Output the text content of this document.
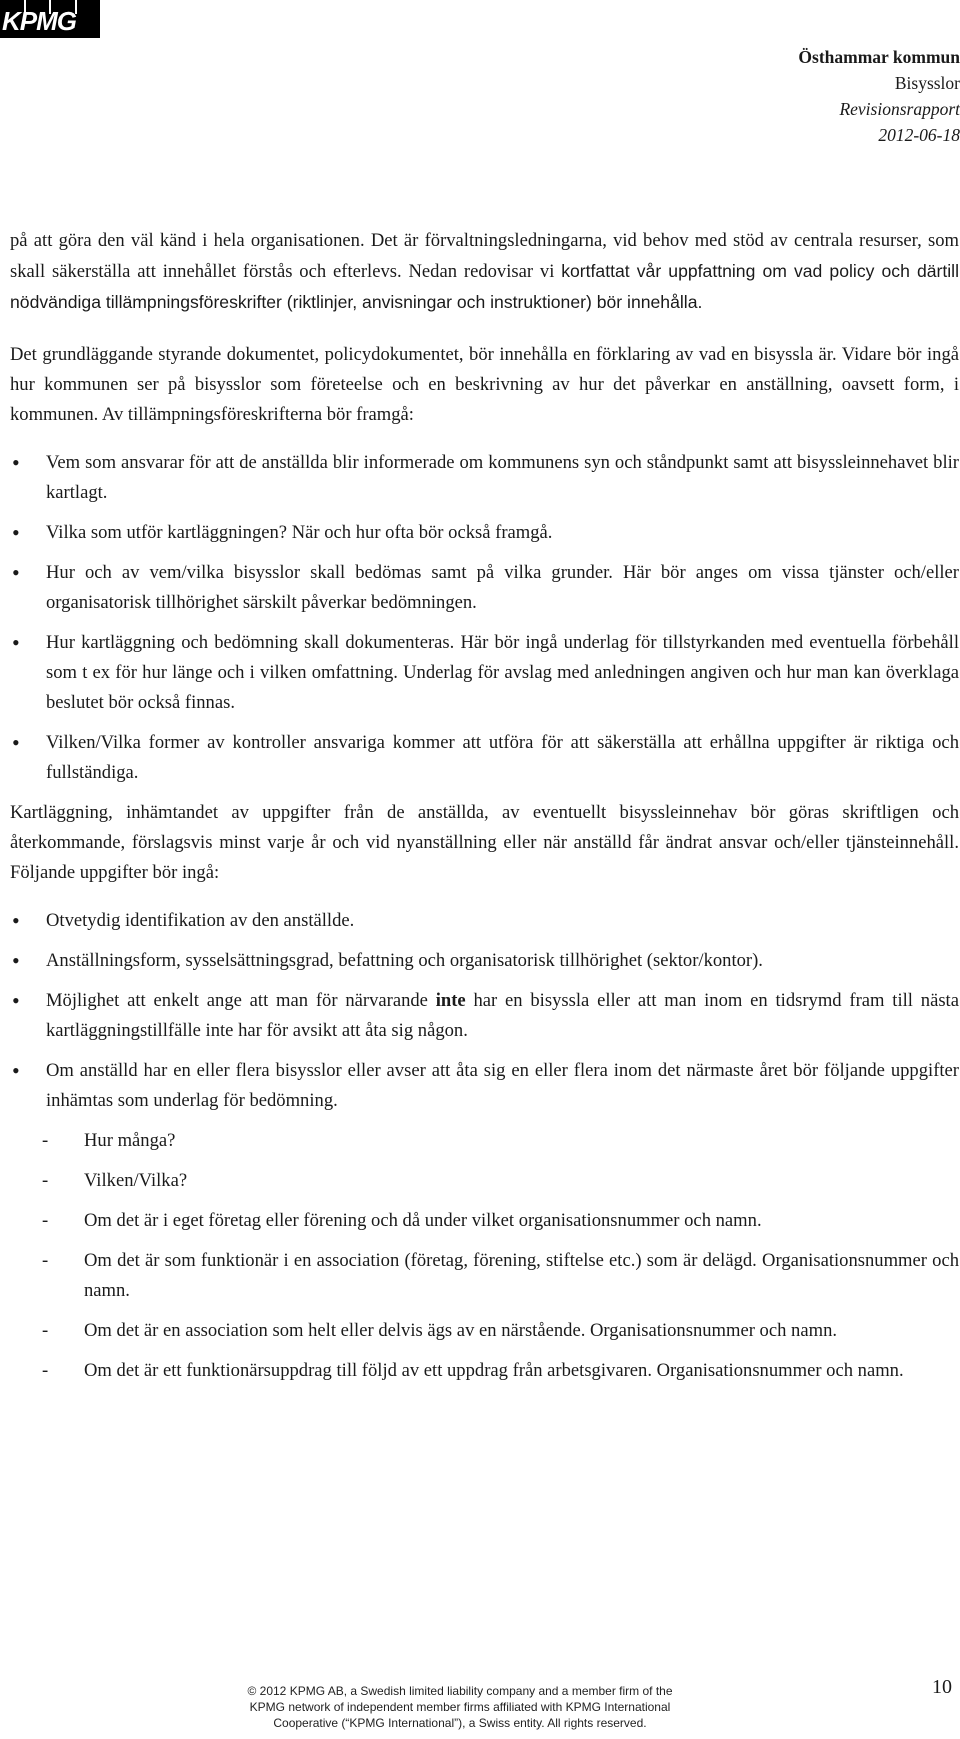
KPMG
Östhammar kommun
Bisysslor
Revisionsrapport
2012-06-18

på att göra den väl känd i hela organisationen. Det är förvaltningsledningarna, vid behov med stöd av centrala resurser, som skall säkerställa att innehållet förstås och efterlevs. Nedan redovisar vi kortfattat vår uppfattning om vad policy och därtill nödvändiga tillämpningsföreskrifter (riktlinjer, anvisningar och instruktioner) bör innehålla.

Det grundläggande styrande dokumentet, policydokumentet, bör innehålla en förklaring av vad en bisyssla är. Vidare bör ingå hur kommunen ser på bisysslor som företeelse och en beskrivning av hur det påverkar en anställning, oavsett form, i kommunen. Av tillämpningsföreskrifterna bör framgå:

• Vem som ansvarar för att de anställda blir informerade om kommunens syn och ståndpunkt samt att bisyssleinnehavet blir kartlagt.
• Vilka som utför kartläggningen? När och hur ofta bör också framgå.
• Hur och av vem/vilka bisysslor skall bedömas samt på vilka grunder. Här bör anges om vissa tjänster och/eller organisatorisk tillhörighet särskilt påverkar bedömningen.
• Hur kartläggning och bedömning skall dokumenteras. Här bör ingå underlag för tillstyrkanden med eventuella förbehåll som t ex för hur länge och i vilken omfattning. Underlag för avslag med anledningen angiven och hur man kan överklaga beslutet bör också finnas.
• Vilken/Vilka former av kontroller ansvariga kommer att utföra för att säkerställa att erhållna uppgifter är riktiga och fullständiga.

Kartläggning, inhämtandet av uppgifter från de anställda, av eventuellt bisyssleinnehav bör göras skriftligen och återkommande, förslagsvis minst varje år och vid nyanställning eller när anställd får ändrat ansvar och/eller tjänsteinnehåll. Följande uppgifter bör ingå:

• Otvetydig identifikation av den anställde.
• Anställningsform, sysselsättningsgrad, befattning och organisatorisk tillhörighet (sektor/kontor).
• Möjlighet att enkelt ange att man för närvarande inte har en bisyssla eller att man inom en tidsrymd fram till nästa kartläggningstillfälle inte har för avsikt att åta sig någon.
• Om anställd har en eller flera bisysslor eller avser att åta sig en eller flera inom det närmaste året bör följande uppgifter inhämtas som underlag för bedömning.
- Hur många?
- Vilken/Vilka?
- Om det är i eget företag eller förening och då under vilket organisationsnummer och namn.
- Om det är som funktionär i en association (företag, förening, stiftelse etc.) som är delägd. Organisationsnummer och namn.
- Om det är en association som helt eller delvis ägs av en närstående. Organisationsnummer och namn.
- Om det är ett funktionärsuppdrag till följd av ett uppdrag från arbetsgivaren. Organisationsnummer och namn.
10
© 2012 KPMG AB, a Swedish limited liability company and a member firm of the
KPMG network of independent member firms affiliated with KPMG International
Cooperative (“KPMG International”), a Swiss entity. All rights reserved.
